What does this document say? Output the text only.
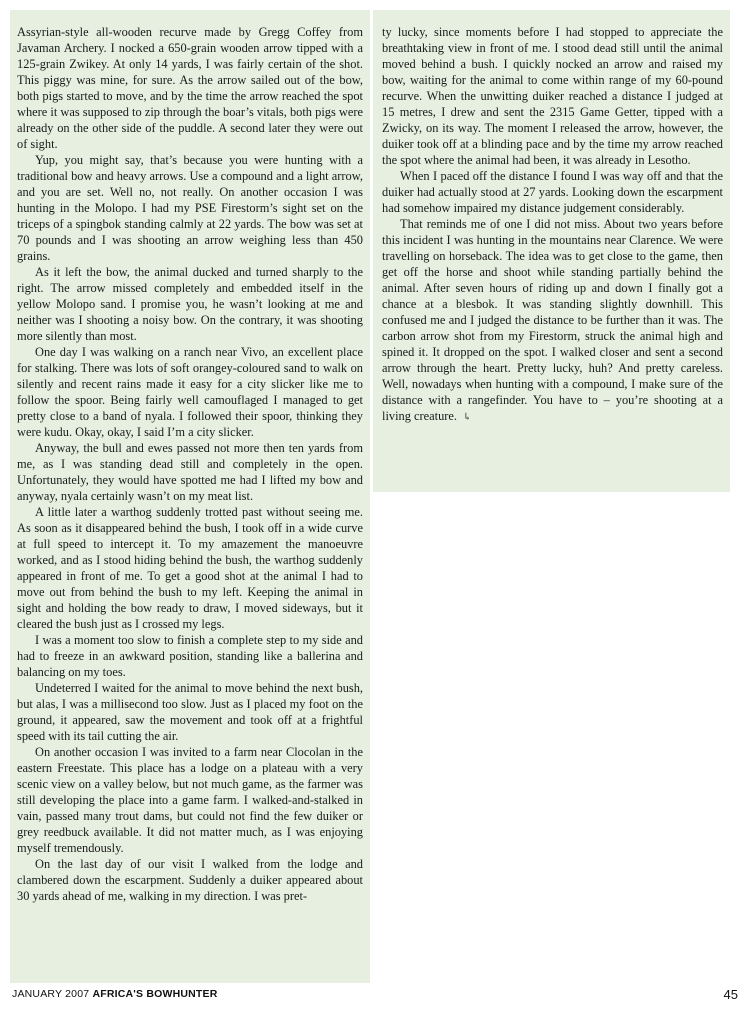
Assyrian-style all-wooden recurve made by Gregg Coffey from Javaman Archery. I nocked a 650-grain wooden arrow tipped with a 125-grain Zwikey. At only 14 yards, I was fairly certain of the shot. This piggy was mine, for sure. As the arrow sailed out of the bow, both pigs started to move, and by the time the arrow reached the spot where it was supposed to zip through the boar’s vitals, both pigs were already on the other side of the puddle. A second later they were out of sight.

Yup, you might say, that’s because you were hunting with a traditional bow and heavy arrows. Use a compound and a light arrow, and you are set. Well no, not really. On another occasion I was hunting in the Molopo. I had my PSE Firestorm’s sight set on the triceps of a spingbok standing calmly at 22 yards. The bow was set at 70 pounds and I was shooting an arrow weighing less than 450 grains.

As it left the bow, the animal ducked and turned sharply to the right. The arrow missed completely and embedded itself in the yellow Molopo sand. I promise you, he wasn’t looking at me and neither was I shooting a noisy bow. On the contrary, it was shooting more silently than most.

One day I was walking on a ranch near Vivo, an excellent place for stalking. There was lots of soft orangey-coloured sand to walk on silently and recent rains made it easy for a city slicker like me to follow the spoor. Being fairly well camouflaged I managed to get pretty close to a band of nyala. I followed their spoor, thinking they were kudu. Okay, okay, I said I’m a city slicker.

Anyway, the bull and ewes passed not more then ten yards from me, as I was standing dead still and completely in the open. Unfortunately, they would have spotted me had I lifted my bow and anyway, nyala certainly wasn’t on my meat list.

A little later a warthog suddenly trotted past without seeing me. As soon as it disappeared behind the bush, I took off in a wide curve at full speed to intercept it. To my amazement the manoeuvre worked, and as I stood hiding behind the bush, the warthog suddenly appeared in front of me. To get a good shot at the animal I had to move out from behind the bush to my left. Keeping the animal in sight and holding the bow ready to draw, I moved sideways, but it cleared the bush just as I crossed my legs.

I was a moment too slow to finish a complete step to my side and had to freeze in an awkward position, standing like a ballerina and balancing on my toes.

Undeterred I waited for the animal to move behind the next bush, but alas, I was a millisecond too slow. Just as I placed my foot on the ground, it appeared, saw the movement and took off at a frightful speed with its tail cutting the air.

On another occasion I was invited to a farm near Clocolan in the eastern Freestate. This place has a lodge on a plateau with a very scenic view on a valley below, but not much game, as the farmer was still developing the place into a game farm. I walked-and-stalked in vain, passed many trout dams, but could not find the few duiker or grey reedbuck available. It did not matter much, as I was enjoying myself tremendously.

On the last day of our visit I walked from the lodge and clambered down the escarpment. Suddenly a duiker appeared about 30 yards ahead of me, walking in my direction. I was pret-

ty lucky, since moments before I had stopped to appreciate the breathtaking view in front of me. I stood dead still until the animal moved behind a bush. I quickly nocked an arrow and raised my bow, waiting for the animal to come within range of my 60-pound recurve. When the unwitting duiker reached a distance I judged at 15 metres, I drew and sent the 2315 Game Getter, tipped with a Zwicky, on its way. The moment I released the arrow, however, the duiker took off at a blinding pace and by the time my arrow reached the spot where the animal had been, it was already in Lesotho.

When I paced off the distance I found I was way off and that the duiker had actually stood at 27 yards. Looking down the escarpment had somehow impaired my distance judgement considerably.

That reminds me of one I did not miss. About two years before this incident I was hunting in the mountains near Clarence. We were travelling on horseback. The idea was to get close to the game, then get off the horse and shoot while standing partially behind the animal. After seven hours of riding up and down I finally got a chance at a blesbok. It was standing slightly downhill. This confused me and I judged the distance to be further than it was. The carbon arrow shot from my Firestorm, struck the animal high and spined it. It dropped on the spot. I walked closer and sent a second arrow through the heart. Pretty lucky, huh? And pretty careless. Well, nowadays when hunting with a compound, I make sure of the distance with a rangefinder. You have to – you’re shooting at a living creature. ↳

JANUARY 2007 AFRICA'S BOWHUNTER	45
